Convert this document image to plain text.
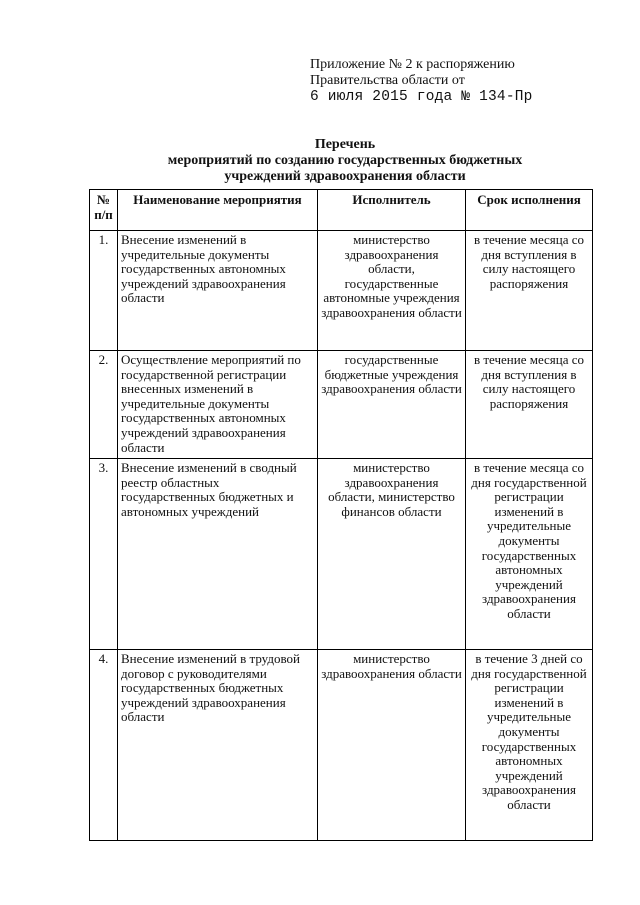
Приложение № 2 к распоряжению
Правительства области от
6 июля 2015 года № 134-Пр
Перечень
мероприятий по созданию государственных бюджетных
учреждений здравоохранения области
№ п/п	Наименование мероприятия	Исполнитель	Срок исполнения
1.	Внесение изменений в учредительные документы государственных автономных учреждений здравоохранения области	министерство здравоохранения области, государственные автономные учреждения здравоохранения области	в течение месяца со дня вступления в силу настоящего распоряжения
2.	Осуществление мероприятий по государственной регистрации внесенных изменений в учредительные документы государственных автономных учреждений здравоохранения области	государственные бюджетные учреждения здравоохранения области	в течение месяца со дня вступления в силу настоящего распоряжения
3.	Внесение изменений в сводный реестр областных государственных бюджетных и автономных учреждений	министерство здравоохранения области, министерство финансов области	в течение месяца со дня государственной регистрации изменений в учредительные документы государственных автономных учреждений здравоохранения области
4.	Внесение изменений в трудовой договор с руководителями государственных бюджетных учреждений здравоохранения области	министерство здравоохранения области	в течение 3 дней со дня государственной регистрации изменений в учредительные документы государственных автономных учреждений здравоохранения области
